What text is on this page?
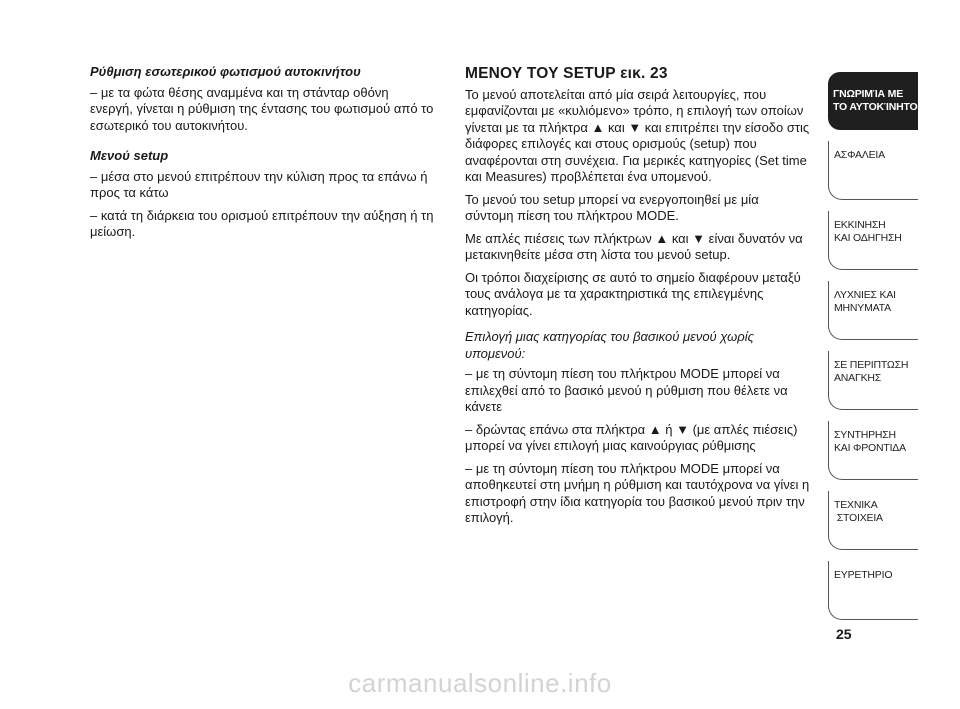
Ρύθμιση εσωτερικού φωτισμού αυτοκινήτου

– με τα φώτα θέσης αναμμένα και τη στάνταρ οθόνη ενεργή, γίνεται η ρύθμιση της έντασης του φωτισμού από το εσωτερικό του αυτοκινήτου.

Μενού setup

– μέσα στο μενού επιτρέπουν την κύλιση προς τα επάνω ή προς τα κάτω

– κατά τη διάρκεια του ορισμού επιτρέπουν την αύξηση ή τη μείωση.

ΜΕΝΟΥ ΤΟΥ SETUP εικ. 23

Το μενού αποτελείται από μία σειρά λειτουργίες, που εμφανίζονται με «κυλιόμενο» τρόπο, η επιλογή των οποίων γίνεται με τα πλήκτρα ▲ και ▼ και επιτρέπει την είσοδο στις διάφορες επιλογές και στους ορισμούς (setup) που αναφέρονται στη συνέχεια. Για μερικές κατηγορίες (Set time και Measures) προβλέπεται ένα υπομενού.

Το μενού του setup μπορεί να ενεργοποιηθεί με μία σύντομη πίεση του πλήκτρου MODE.

Με απλές πιέσεις των πλήκτρων ▲ και ▼ είναι δυνατόν να μετακινηθείτε μέσα στη λίστα του μενού setup.

Οι τρόποι διαχείρισης σε αυτό το σημείο διαφέρουν μεταξύ τους ανάλογα με τα χαρακτηριστικά της επιλεγμένης κατηγορίας.

Επιλογή μιας κατηγορίας του βασικού μενού χωρίς υπομενού:

– με τη σύντομη πίεση του πλήκτρου MODE μπορεί να επιλεχθεί από το βασικό μενού η ρύθμιση που θέλετε να κάνετε

– δρώντας επάνω στα πλήκτρα ▲ ή ▼ (με απλές πιέσεις) μπορεί να γίνει επιλογή μιας καινούργιας ρύθμισης

– με τη σύντομη πίεση του πλήκτρου MODE μπορεί να αποθηκευτεί στη μνήμη η ρύθμιση και ταυτόχρονα να γίνει η επιστροφή στην ίδια κατηγορία του βασικού μενού πριν την επιλογή.

ΓΝΩΡΙΜΊΑ ΜΕ
ΤΟ ΑΥΤΟΚΊΝΗΤΟ
ΑΣΦΑΛΕΙΑ
ΕΚΚΙΝΗΣΗ
ΚΑΙ ΟΔΗΓΗΣΗ
ΛΥΧΝΙΕΣ ΚΑΙ
ΜΗΝΥΜΑΤΑ
ΣΕ ΠΕΡΙΠΤΩΣΗ
ΑΝΑΓΚΗΣ
ΣΥΝΤΗΡΗΣΗ
ΚΑΙ ΦΡΟΝΤΙΔΑ
ΤΕΧΝΙΚΑ
ΣΤΟΙΧΕΙΑ
ΕΥΡΕΤΗΡΙΟ
25
carmanualsonline.info
